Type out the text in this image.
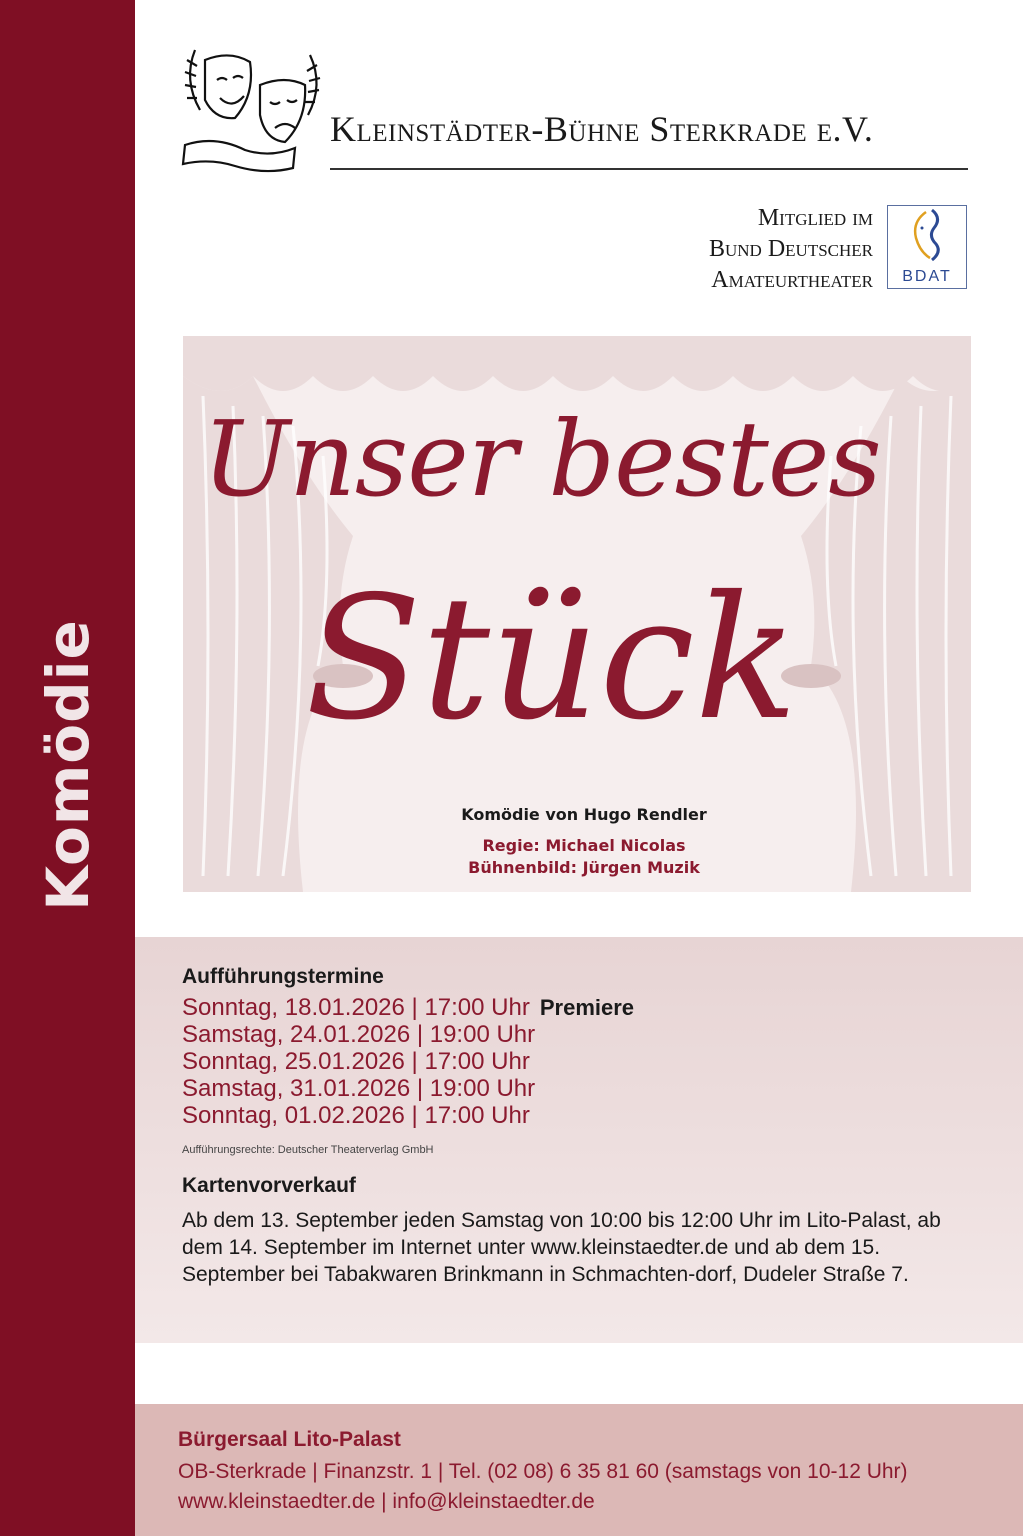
Komödie
Kleinstädter-Bühne Sterkrade e.V.
Mitglied im
Bund Deutscher
Amateurtheater	BDAT
Unser bestes
Stück
Komödie von Hugo Rendler
Regie: Michael Nicolas
Bühnenbild: Jürgen Muzik
Aufführungstermine
Sonntag, 18.01.2026 | 17:00 Uhr Premiere
Samstag, 24.01.2026 | 19:00 Uhr
Sonntag, 25.01.2026 | 17:00 Uhr
Samstag, 31.01.2026 | 19:00 Uhr
Sonntag, 01.02.2026 | 17:00 Uhr
Aufführungsrechte: Deutscher Theaterverlag GmbH
Kartenvorverkauf
Ab dem 13. September jeden Samstag von 10:00 bis 12:00 Uhr im Lito-Palast, ab dem 14. September im Internet unter www.kleinstaedter.de und ab dem 15. September bei Tabakwaren Brinkmann in Schmachten-dorf, Dudeler Straße 7.
Bürgersaal Lito-Palast
OB-Sterkrade | Finanzstr. 1 | Tel. (02 08) 6 35 81 60 (samstags von 10-12 Uhr)
www.kleinstaedter.de | info@kleinstaedter.de
